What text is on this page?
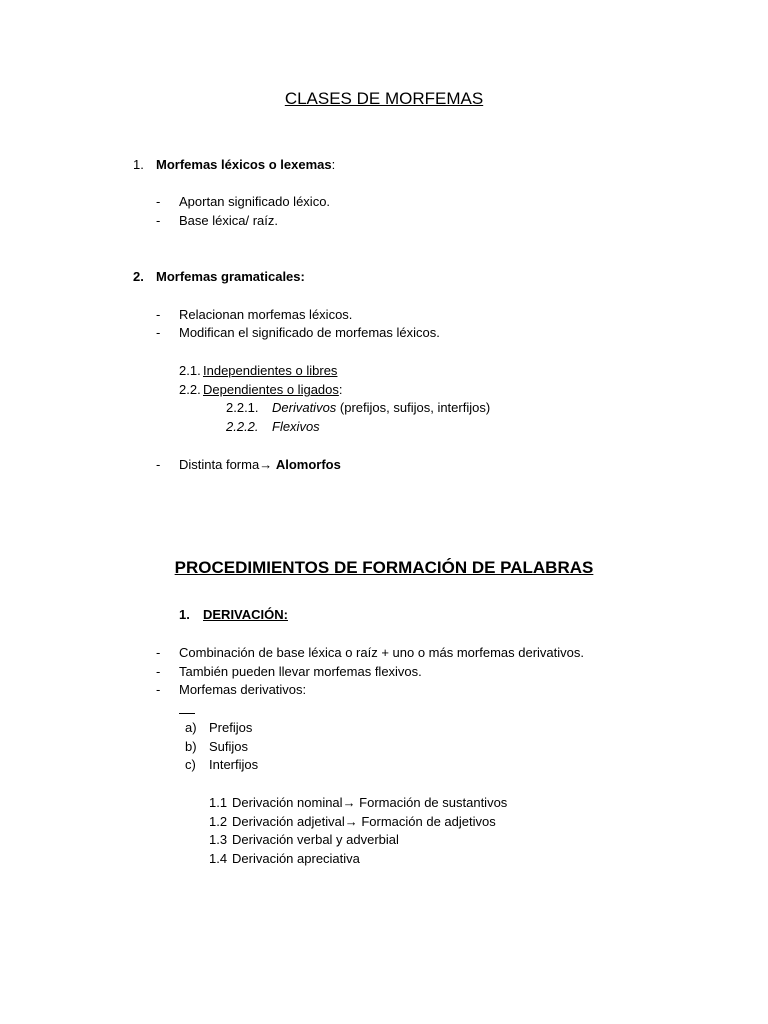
CLASES DE MORFEMAS
1. Morfemas léxicos o lexemas:
- Aportan significado léxico.
- Base léxica/ raíz.
2. Morfemas gramaticales:
- Relacionan morfemas léxicos.
- Modifican el significado de morfemas léxicos.
2.1. Independientes o libres
2.2. Dependientes o ligados:
2.2.1. Derivativos (prefijos, sufijos, interfijos)
2.2.2. Flexivos
- Distinta forma→ Alomorfos
PROCEDIMIENTOS DE FORMACIÓN DE PALABRAS
1. DERIVACIÓN:
- Combinación de base léxica o raíz + uno o más morfemas derivativos.
- También pueden llevar morfemas flexivos.
- Morfemas derivativos:
a) Prefijos
b) Sufijos
c) Interfijos
1.1 Derivación nominal→ Formación de sustantivos
1.2 Derivación adjetival→ Formación de adjetivos
1.3 Derivación verbal y adverbial
1.4 Derivación apreciativa
